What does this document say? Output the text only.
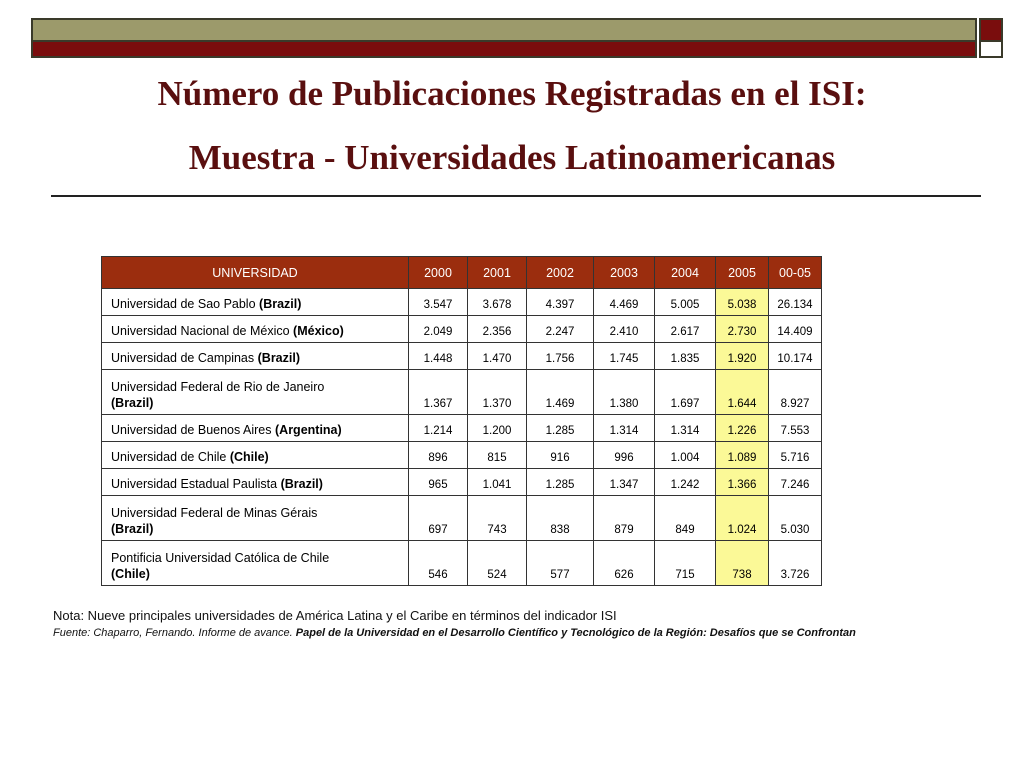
Número de Publicaciones Registradas en el ISI:
Muestra - Universidades Latinoamericanas
UNIVERSIDAD	2000	2001	2002	2003	2004	2005	00-05
Universidad de Sao Pablo (Brazil)	3.547	3.678	4.397	4.469	5.005	5.038	26.134
Universidad Nacional de México (México)	2.049	2.356	2.247	2.410	2.617	2.730	14.409
Universidad de Campinas (Brazil)	1.448	1.470	1.756	1.745	1.835	1.920	10.174
Universidad Federal de Rio de Janeiro
(Brazil)	1.367	1.370	1.469	1.380	1.697	1.644	8.927
Universidad de Buenos Aires (Argentina)	1.214	1.200	1.285	1.314	1.314	1.226	7.553
Universidad de Chile (Chile)	896	815	916	996	1.004	1.089	5.716
Universidad Estadual Paulista (Brazil)	965	1.041	1.285	1.347	1.242	1.366	7.246
Universidad Federal de Minas Gérais
(Brazil)	697	743	838	879	849	1.024	5.030
Pontificia Universidad Católica de Chile
(Chile)	546	524	577	626	715	738	3.726
Nota: Nueve principales universidades de América Latina y el Caribe en términos del indicador ISI
Fuente: Chaparro, Fernando. Informe de avance. Papel de la Universidad en el Desarrollo Científico y Tecnológico de la Región: Desafíos que se Confrontan
